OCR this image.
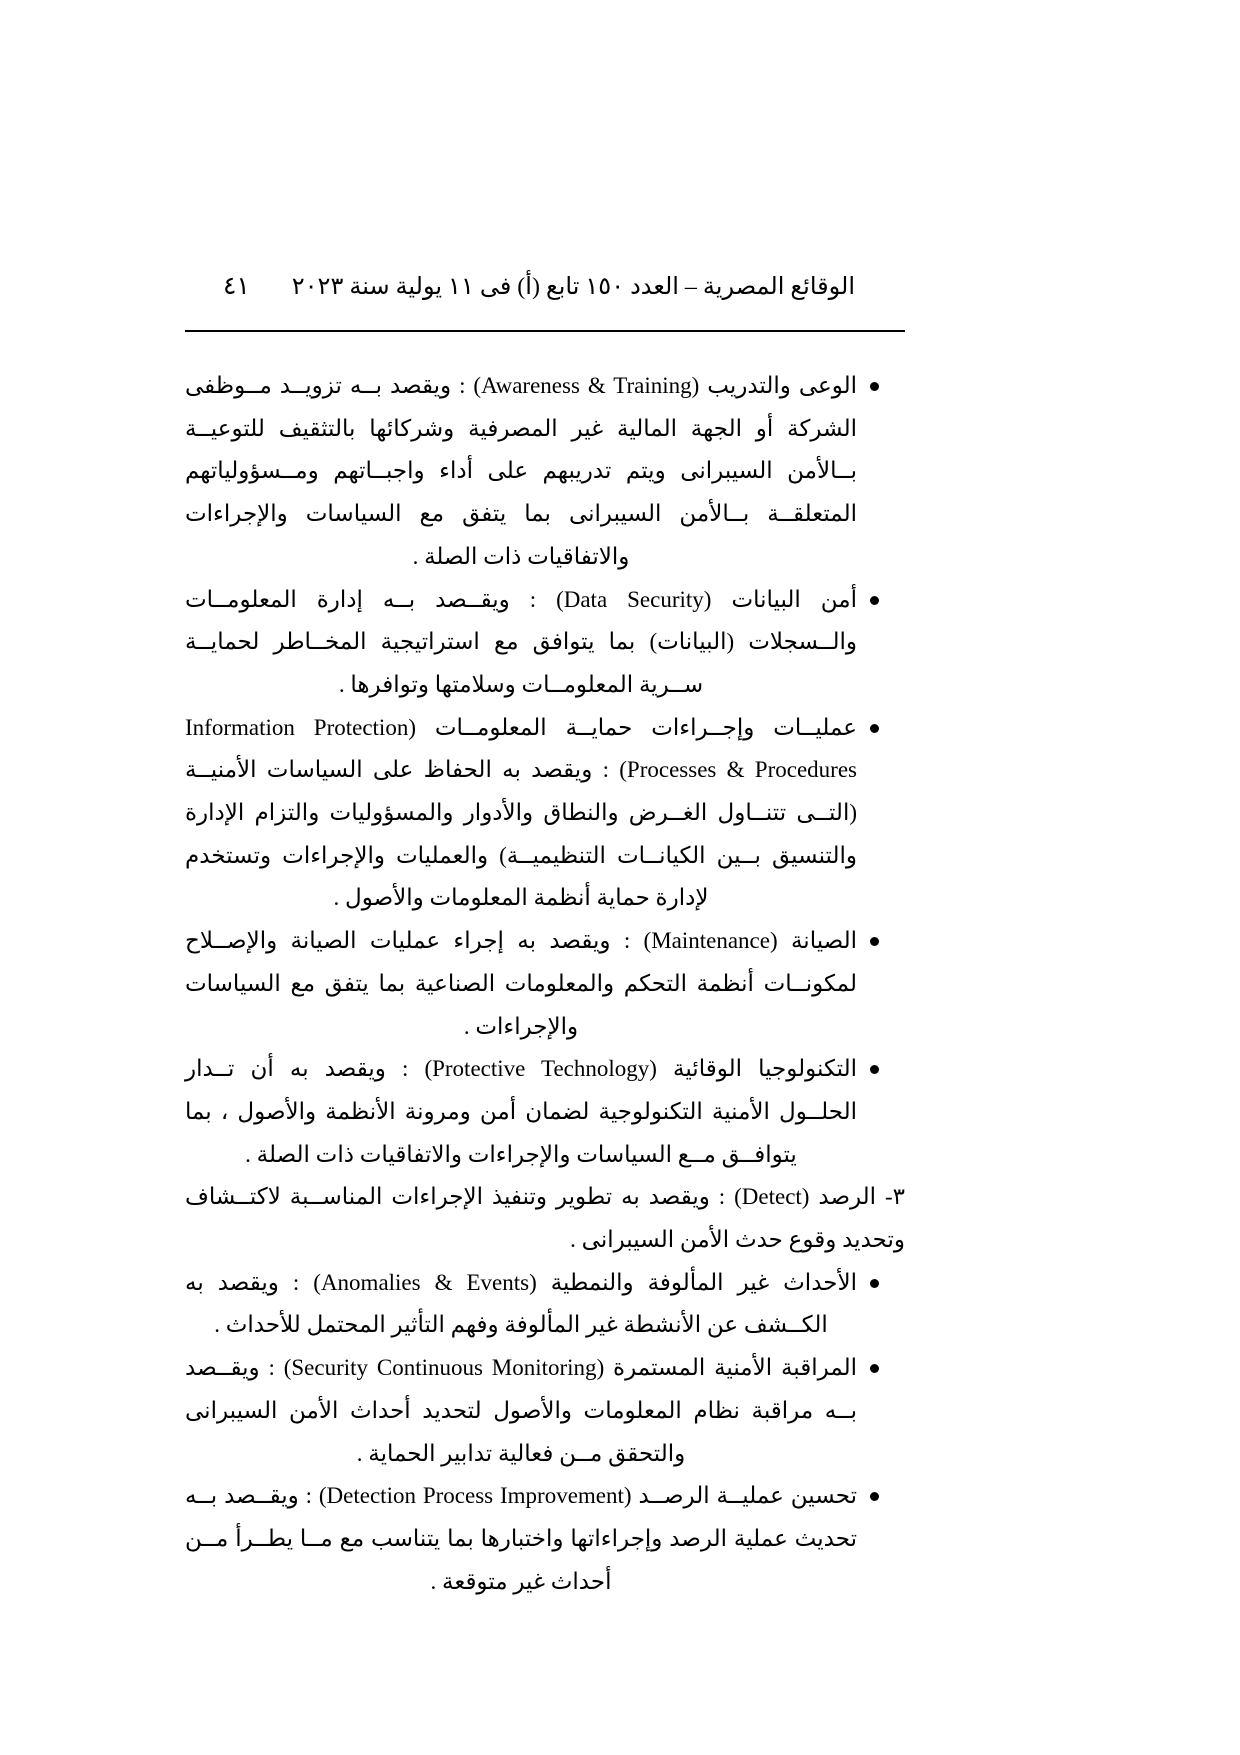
الوقائع المصرية – العدد ١٥٠ تابع (أ) فى ١١ يولية سنة ٢٠٢٣
٤١

الوعى والتدريب (Awareness & Training) : ويقصد بــه تزويــد مــوظفى الشركة أو الجهة المالية غير المصرفية وشركائها بالتثقيف للتوعيــة بــالأمن السيبرانى ويتم تدريبهم على أداء واجبــاتهم ومــسؤولياتهم المتعلقــة بــالأمن السيبرانى بما يتفق مع السياسات والإجراءات والاتفاقيات ذات الصلة .

أمن البيانات (Data Security) : ويقــصد بــه إدارة المعلومــات والــسجلات (البيانات) بما يتوافق مع استراتيجية المخــاطر لحمايــة ســرية المعلومــات وسلامتها وتوافرها .

عمليــات وإجــراءات حمايــة المعلومــات (Information Protection Processes & Procedures) : ويقصد به الحفاظ على السياسات الأمنيــة (التــى تتنــاول الغــرض والنطاق والأدوار والمسؤوليات والتزام الإدارة والتنسيق بــين الكيانــات التنظيميــة) والعمليات والإجراءات وتستخدم لإدارة حماية أنظمة المعلومات والأصول .

الصيانة (Maintenance) : ويقصد به إجراء عمليات الصيانة والإصــلاح لمكونــات أنظمة التحكم والمعلومات الصناعية بما يتفق مع السياسات والإجراءات .

التكنولوجيا الوقائية (Protective Technology) : ويقصد به أن تــدار الحلــول الأمنية التكنولوجية لضمان أمن ومرونة الأنظمة والأصول ، بما يتوافــق مــع السياسات والإجراءات والاتفاقيات ذات الصلة .

٣- الرصد (Detect) : ويقصد به تطوير وتنفيذ الإجراءات المناســبة لاكتــشاف وتحديد وقوع حدث الأمن السيبرانى .

الأحداث غير المألوفة والنمطية (Anomalies & Events) : ويقصد به الكــشف عن الأنشطة غير المألوفة وفهم التأثير المحتمل للأحداث .

المراقبة الأمنية المستمرة (Security Continuous Monitoring) : ويقــصد بــه مراقبة نظام المعلومات والأصول لتحديد أحداث الأمن السيبرانى والتحقق مــن فعالية تدابير الحماية .

تحسين عمليــة الرصــد (Detection Process Improvement) : ويقــصد بــه تحديث عملية الرصد وإجراءاتها واختبارها بما يتناسب مع مــا يطــرأ مــن أحداث غير متوقعة .
